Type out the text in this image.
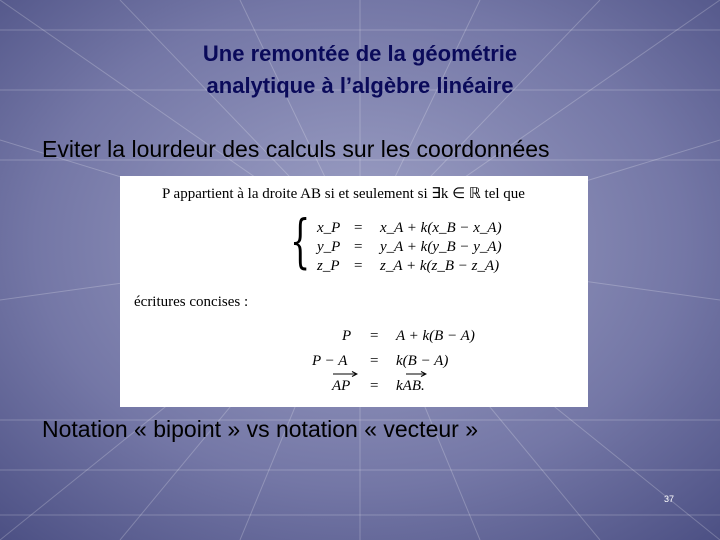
Une remontée de la géométrie
analytique à l’algèbre linéaire
Eviter la lourdeur des calculs sur les coordonnées
P appartient à la droite AB si et seulement si ∃k ∈ ℝ tel que
{ x_P = x_A + k(x_B − x_A)
y_P = y_A + k(y_B − y_A)
z_P = z_A + k(z_B − z_A)
écritures concises :
P = A + k(B − A)
P − A = k(B − A)
AP = kAB.
Notation « bipoint » vs notation « vecteur »
37
